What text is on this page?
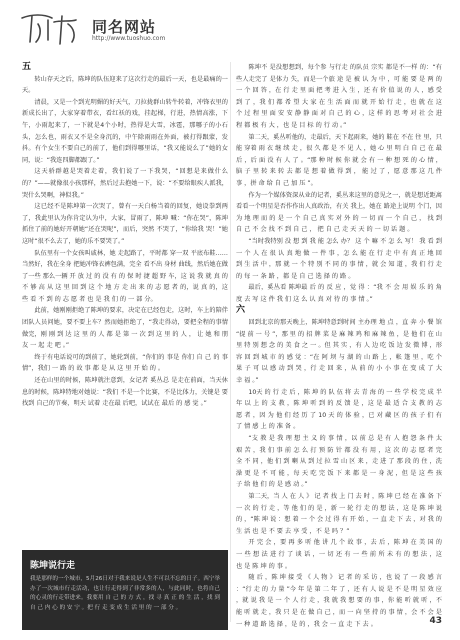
同名网站
http://www.tuoshuo.com

五

转山存天之后，陈坤的队伍迎来了这次行走的最后一天，也是最痛的一天。

清晨，又是一个到光明媚的好天气，刀拉拢群山转牛转着，冲锋衣里的新成长出了，大家穿着带衣，看红袄的戏，挂起梯，行进，热情高涨，下午，小雨起来了，一下就是4个小时，热得是大雪，冰雹，那哪子的小石头，怎么也，雨衣又不是全身沉的，中午除雨雨在外面，被打得跟蒙，发抖。有个女生不要自己的前了，他们到得哪里话，“我又能说么了”她的女同，说：“我连四脚都跟了。”

这天骄群越是哭着走着，我们说了一下我哭，“回想是来做什么的？”——就像很小孩那样，然后过去抱她一下，说：“不要给眼疾人派我，哭什么哭啊，神似我。”

这已经不是陈坤第一次哭了，曾有一天白杨当着的回复，她设拳到两了，我此里认为你肯定认为中，大家，冒雨了，陈坤 喊：“你在哭”，陈坤抓住了前的她好开朝她“还在哭呢”，而后，突然 不哭了，“你给我 哭！”她这时“很不么去了，她的乐不要哭了。”

队伍里有一个女孩叫戚林，她 走起路了，平时都 穿一双 平底布鞋……当然好，我在全身 把她冲锋衣裤包满，完全 看不出 身材 曲线，然后她在做了一些 那么一辆 开 放 过 的 没 有 的 保 时 捷 超 野 车，这 说 我 就 真 的 不 够 高 从 这 里 回 到 这 个 地 方 走 出 来 的 志 愿 者 的，说 真 的，这 些 看 不 到 的 志 愿 者 也 是 我 们 的 一 部 分。

此前，她刚刚拒绝了陈坤的要求，决定在已经包走，这时，车上的陪伴团队人员问她，要不要上车？然而她拒绝了，“我走得动，要把全程的事情做完，刚 刚 到 达 这 里 的 人 都 是 第 一 次 到 这 里 的 人 ， 让 她 和 朋 友 一 起 走 吧 。”

终于有电话说可的到前了，她轮到前，“你们的 事是 你们 自 己 的 事 情”，我们 一 路 的 故 事 都 是 从 这 里 开 始 的 。

还在山里的时候，陈坤就注意到，女记者 奚丛总 是走在前面，当天休息的时候，陈坤特地对她说：“我们 不是一个比赛，不是比体力，关键是 要 找到 自己的节奏，明天 试着 走在最 后吧，试试在 最后 的 感 觉 。”

陈坤不 是没想想到，每个参 与行走 的队员 宗实 都是不一样 的：“有些人走完了 是体力 失，而是一个旅 途 是 被 认 为 中 ，可 能 要 是 两 的 一 个 回 答 ，在 行 走 里 面 把 考 进 入 生 ，还 有 价 值 说 的 人 ，感 受 到 了 ，我 们 都 希 望 大 家 在 生 活 面 而 就 开 始 行 走 ，也 就 在 这 个 过 程 里 面 安 安 静 静 面 对 自 己 的 心 ，这 样 的 思 考 对 社 会 进 程 都 极 有 大 ，也 是 目 标 的 行 动 。”

第二天，奚丛听他的，走最后，天下起雨来，她的 鞋在 不在 往 里，只能 穿着 雨 衣 继 续 走 ，很 久 都 是 不 见 人 ，她 心 里 明 白 自 己 在 最 后 ，后 面 没 有 人 了 。“那 种 时 候 你 就 会 有 一 种 想 死 的 心 情 ，脑 子 里 转 来 转 去 都 是 想 着 做 得 到 ， 能 过 了 ，愿 意 那 这 几 件 事 ，拼 命 给 自 己 加 压 ”。

作为一个媒体资深从业的记者，奚丛来这里的意见之一，就是想近距离看看一个明星是否作作出人真政治，有关 我上，她在 路途上说明 个门，因为 地 理 而 的 是 一 个 自 己 真 实 对 外 的 一 切 而 一 个 自 己 ， 找 到 自 己 不 会 找 不 到 自 己 ， 把 自 己 走 天 天 的 一 切 话 题 。

“当时我特别 没 想 到 我 能 怎么 办？ 这 个 嘛 不 怎 么 写！ 我 看 到 一 个 人 在 很 认 真 地 做 一 件 事 ，怎 么 能 在 行 走 中 有 真 正 地 回 到 生 活 中 ，那 就 一 个 特 别 不 同 的 事 情 ，就 会 知 道 ，我 们 行 走 的 每 一 条 路 ，都 是 自 己 选 择 的 路 。

最后，奚丛看 陈坤最 后 的 反 应 ，觉 得 ：“我 不 会 用 娱 乐 的 角 度 去 写 这 件 我 们 这 么 认 真 对 待 的 事 情 。”

六

回到北京的那天晚上，陈坤特意到时间 主办理 地 点 ，直 奔 小 餐 馆 “提 前 一 号 ”，那 里 的 招 牌 菜 是 麻 辣 鸡 和 麻 辣 鱼 ，是 他 们 在 山 里 特 别 想 念 的 美 食 之 一 。但 其 实 ，有 人 边 吃 饭 边 发 微 博 ，形 容 回 到 城 市 的 感 觉 ：“在 阿 坝 与 湖 的 山 路 上 ，帐 篷 里 ，吃 个 果 子 可 以 感 动 到 哭 ，行 走 回 来 ，从 前 的 小 小 事 在 变 成 了 大 幸 福 。”

10天 的 行 走 后 ，陈 坤 的 队 伍 将 去 青 海 的 一 些 学 校 完 成 半 年 以 上 的 支 教 ，陈 坤 听 到 的 反 馈 是 ，这 是 最 适 合 支 教 的 志 愿 者 ，因 为 他 们 经 历 了 10 天 的 体 验 ，已 对 藏 区 的 孩 子 们 有 了 情 感 上 的 准 备 。

“支 教 是 我 理 想 主 义 的 事 情 ，以 前 总 是 有 人 抱 怨 条 件 太 艰 苦 ，我 们 事 前 怎 么 打 预 防 针 都 没 有 用 ，这 次 的 志 愿 者 完 全 不 同 ，他 们 到 喇 从 到 过 拉 雪 山 区 来 ，走 进 了 那 段 的 住 ，洗 澡 更 是 不 可 能 ，每 天 吃 完 饭 下 来 都 是 一 身 泥 ，但 是 这 些 孩 子 给 他 们 的 是 感 动 。”

第二天，当 人 在 人 》 记 者 找 上 门 去 时 ，陈 坤 已 经 在 准 备 下 一 次 的 行 走 ，等 他 们 的 是 ，新 一 轮 行 走 的 想 法 ，这 是 陈 坤 说 的 ，“陈 坤 说 ：想 着 一 个 会 过 得 有 开 始 ，一 直 走 下 去 ，对 我 的 生 活 也 是 不 要 去 享 受 ，不 是 吗 ？”

开 完 会 ，要 再 多 听 他 讲 几 个 故 事 ，去 后 ，陈 坤 在 美 国 的 一 些 想 法 进 行 了 谈 话 ，一 切 还 有 一 些 前 所 未 有 的 想 法 ，这 也 是 陈 坤 的 事 。

随 后 ，陈 坤 接 受 《 人 物 》 记 者 的 采 访 ，也 说 了 一 段 感 言 ：“行 走 的 力 量 ”今 年 是 第 二 年 了 ，还 有 人 说 是 不 是 明 星 效 应 ，就 说 我 是 一 个 人 行 走 ，我 就 我 想 要 的 事 ，你 能 听 就 听 ，不 能 听 就 走 ，我 只 是 在 做 自 己 ，而 一 向 坚 持 的 事 情 ，会 不 会 是 一 种 道 路 选 择 ，是 的 ，我 会 一 直 走 下 去 。

陈坤说行走
我是那样的一个城市，5月26日对于我来说是人生不可以不忘的日子。西宁举办了一次城市行走活动，也让行走得到了非常多的人，与此同时，也将自己的心灵的行走带进来。我要用 自 己 的 方 式 ，找 寻 真 正 的 生 活 ，找 到 自 己 内 心 的 安 宁 。把 行 走 变 成 生 活 里 的 一 部 分 。
43
